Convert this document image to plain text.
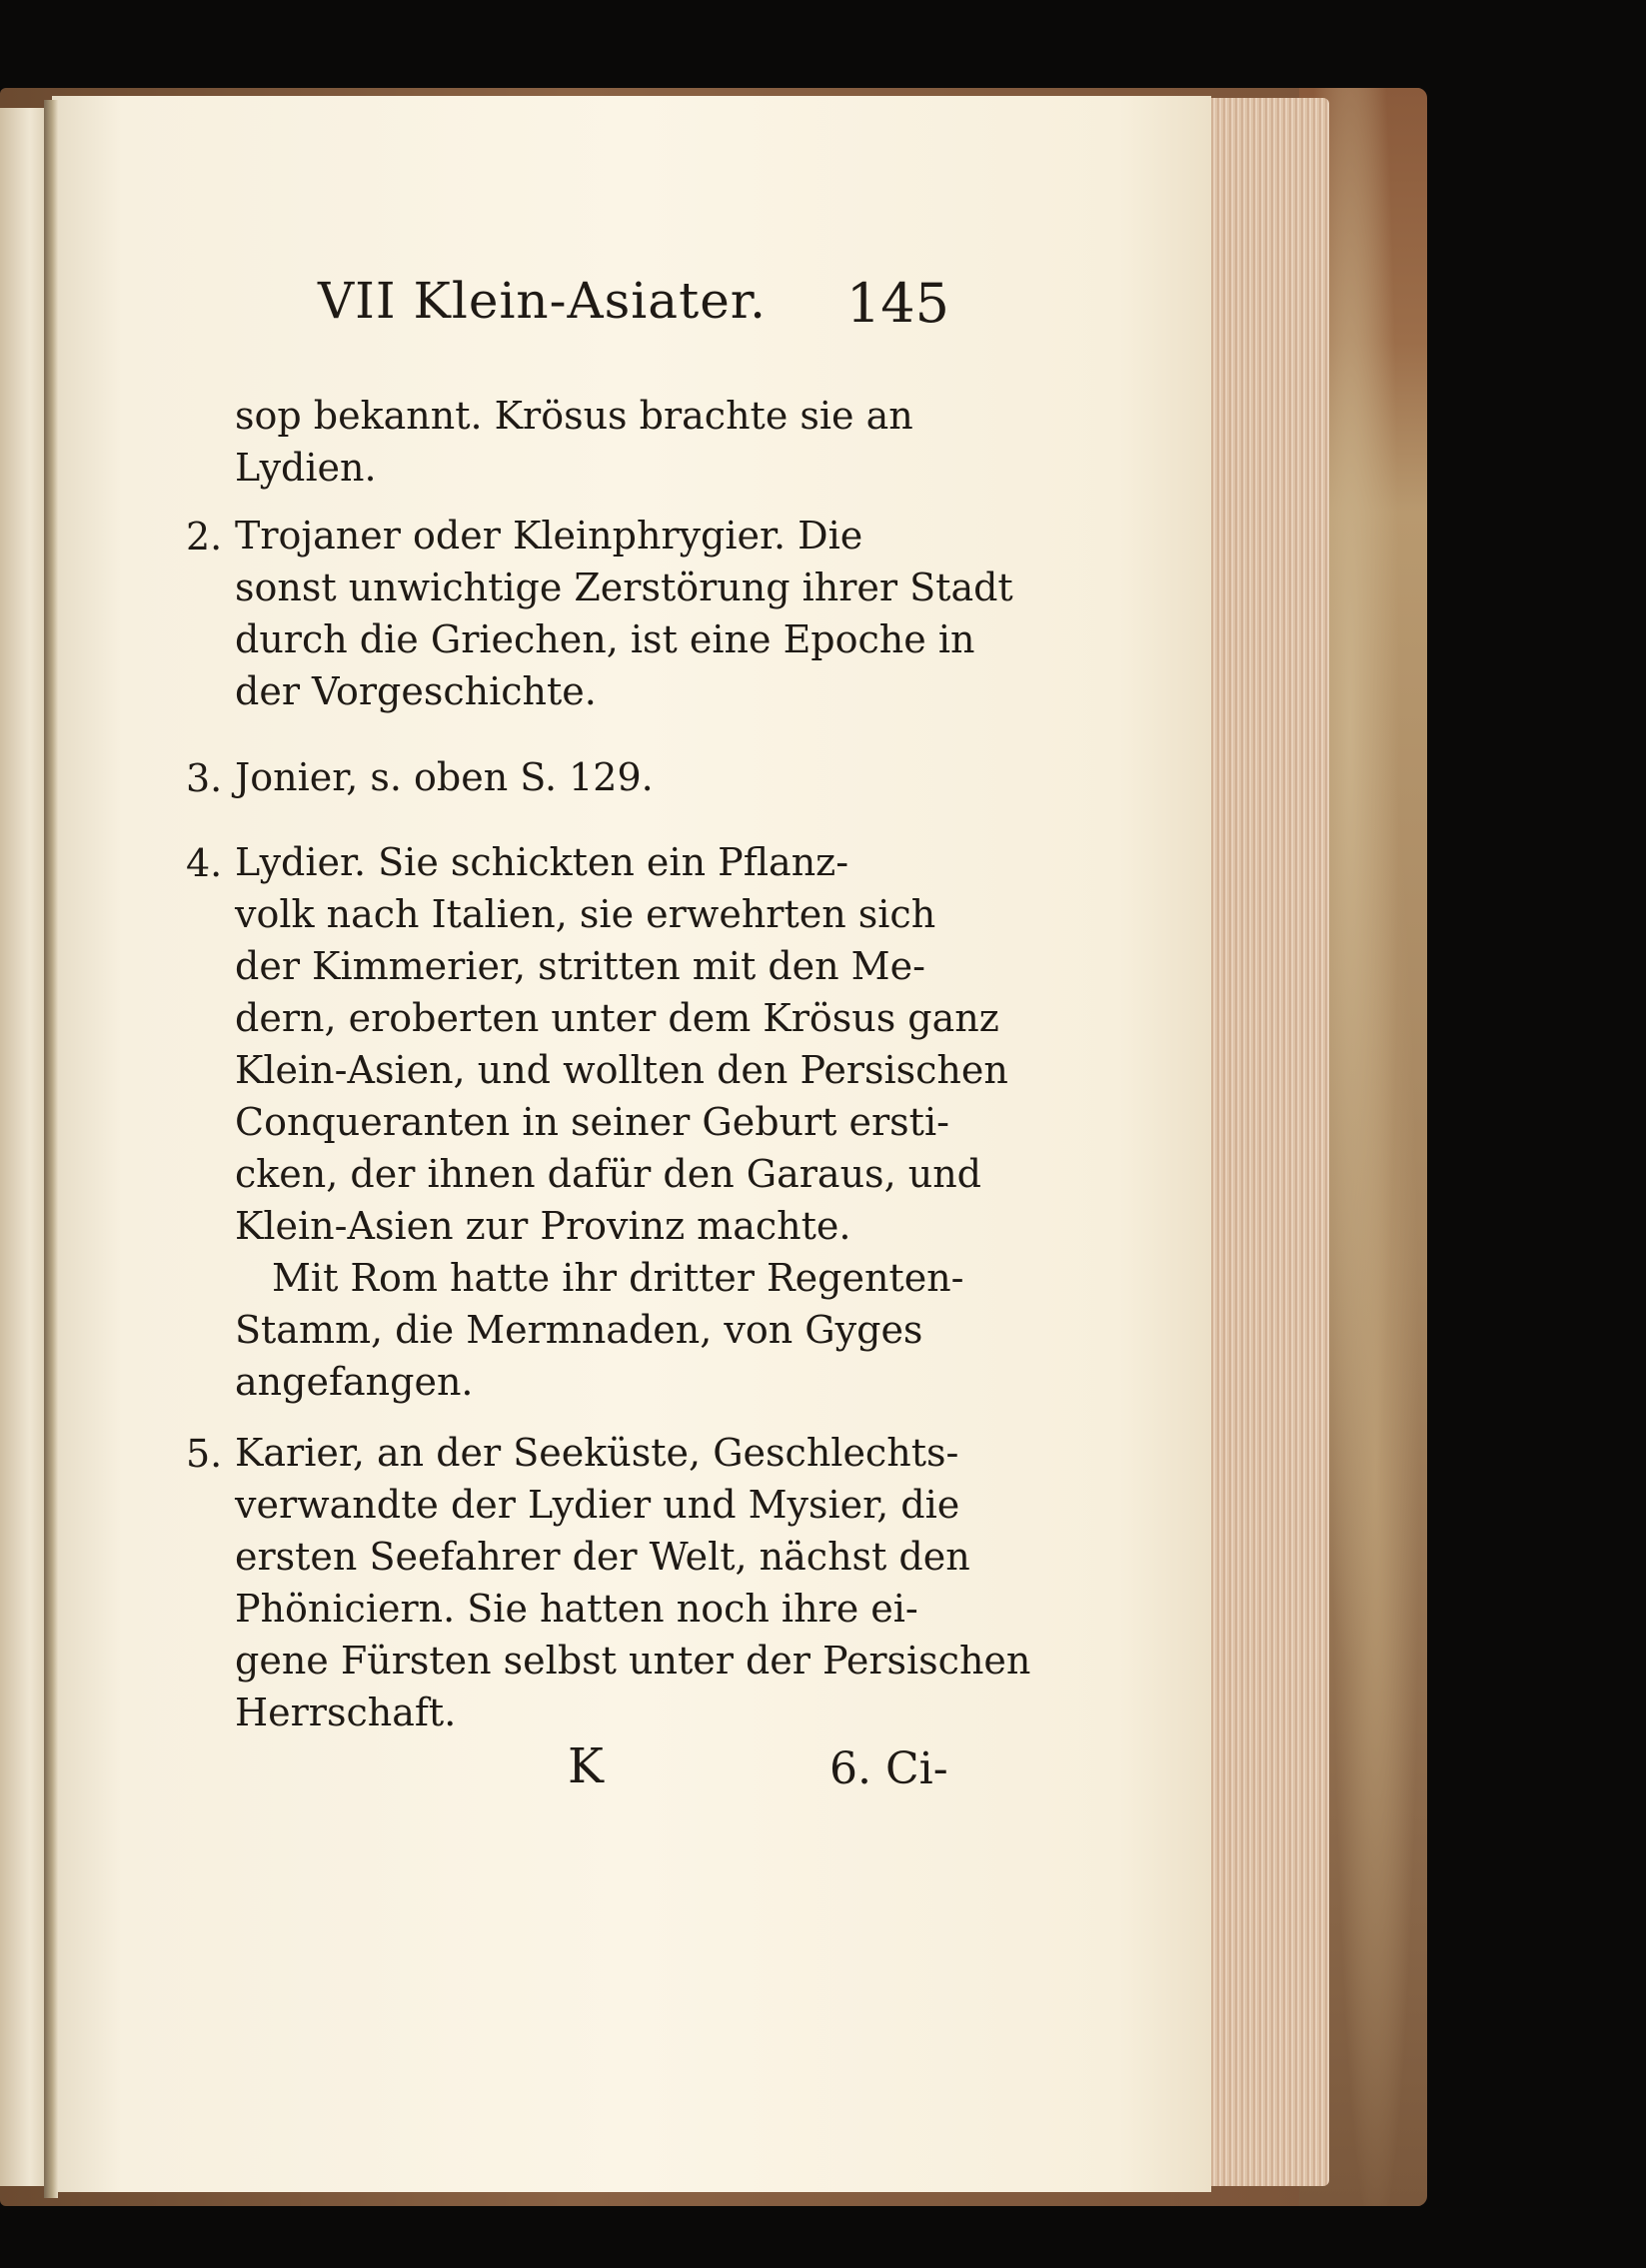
VII Klein-Asiater. 145
sop bekannt. Krösus brachte sie an
Lydien.
2. Trojaner oder Kleinphrygier. Die
sonst unwichtige Zerstörung ihrer Stadt
durch die Griechen, ist eine Epoche in
der Vorgeschichte.
3. Jonier, s. oben S. 129.
4. Lydier. Sie schickten ein Pflanz-
volk nach Italien, sie erwehrten sich
der Kimmerier, stritten mit den Me-
dern, eroberten unter dem Krösus ganz
Klein-Asien, und wollten den Persischen
Conqueranten in seiner Geburt ersti-
cken, der ihnen dafür den Garaus, und
Klein-Asien zur Provinz machte.
Mit Rom hatte ihr dritter Regenten-
Stamm, die Mermnaden, von Gyges
angefangen.
5. Karier, an der Seeküste, Geschlechts-
verwandte der Lydier und Mysier, die
ersten Seefahrer der Welt, nächst den
Phöniciern. Sie hatten noch ihre ei-
gene Fürsten selbst unter der Persischen
Herrschaft.
K	6. Ci-
